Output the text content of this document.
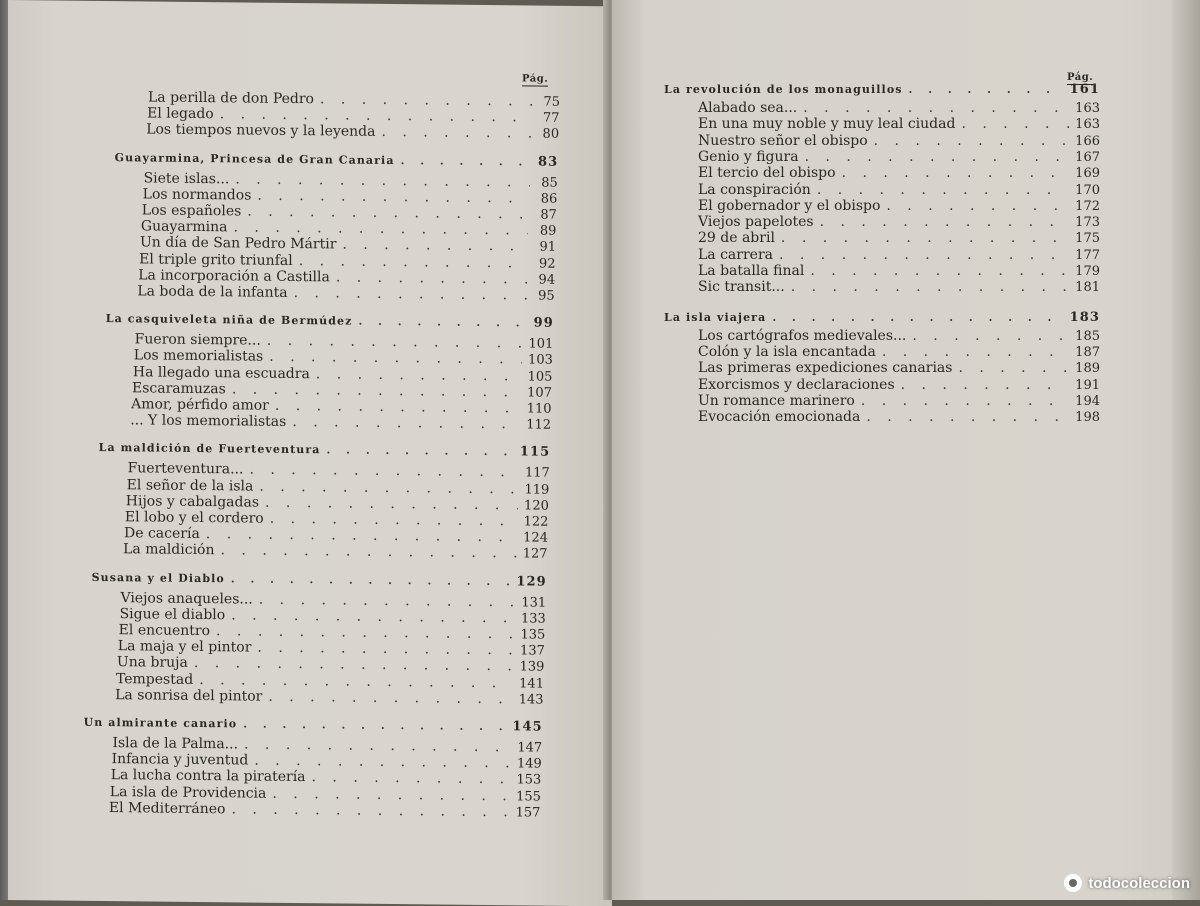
Pág.
La perilla de don Pedro . . .	75
El legado . . .	77
Los tiempos nuevos y la leyenda . . .	80
Guayarmina, Princesa de Gran Canaria . . .	83
Siete islas... . . .	85
Los normandos . . .	86
Los españoles . . .	87
Guayarmina . . .	89
Un día de San Pedro Mártir . . .	91
El triple grito triunfal . . .	92
La incorporación a Castilla . . .	94
La boda de la infanta . . .	95
La casquiveleta niña de Bermúdez . . .	99
Fueron siempre... . . .	101
Los memorialistas . . .	103
Ha llegado una escuadra . . .	105
Escaramuzas . . .	107
Amor, pérfido amor . . .	110
... Y los memorialistas . . .	112
La maldición de Fuerteventura . . .	115
Fuerteventura... . . .	117
El señor de la isla . . .	119
Hijos y cabalgadas . . .	120
El lobo y el cordero . . .	122
De cacería . . .	124
La maldición . . .	127
Susana y el Diablo . . .	129
Viejos anaqueles... . . .	131
Sigue el diablo . . .	133
El encuentro . . .	135
La maja y el pintor . . .	137
Una bruja . . .	139
Tempestad . . .	141
La sonrisa del pintor . . .	143
Un almirante canario . . .	145
Isla de la Palma... . . .	147
Infancia y juventud . . .	149
La lucha contra la piratería . . .	153
La isla de Providencia . . .	155
El Mediterráneo . . .	157
Pág.
La revolución de los monaguillos . . .	161
Alabado sea... . . .	163
En una muy noble y muy leal ciudad . . .	163
Nuestro señor el obispo . . .	166
Genio y figura . . .	167
El tercio del obispo . . .	169
La conspiración . . .	170
El gobernador y el obispo . . .	172
Viejos papelotes . . .	173
29 de abril . . .	175
La carrera . . .	177
La batalla final . . .	179
Sic transit... . . .	181
La isla viajera . . .	183
Los cartógrafos medievales... . . .	185
Colón y la isla encantada . . .	187
Las primeras expediciones canarias . . .	189
Exorcismos y declaraciones . . .	191
Un romance marinero . . .	194
Evocación emocionada . . .	198
todocoleccion
